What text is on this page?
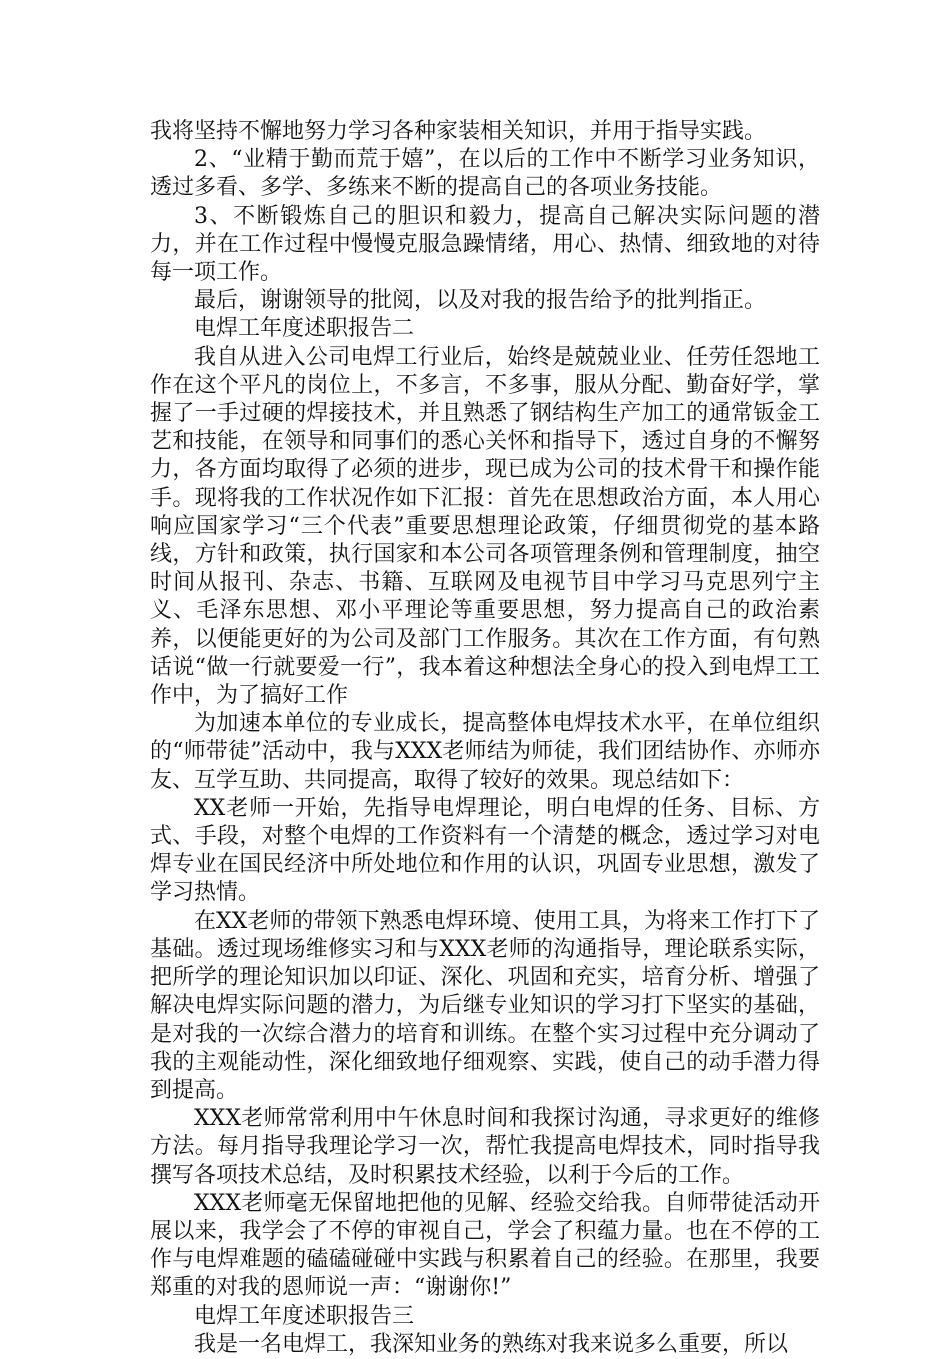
我将坚持不懈地努力学习各种家装相关知识，并用于指导实践。

2、“业精于勤而荒于嬉”，在以后的工作中不断学习业务知识，透过多看、多学、多练来不断的提高自己的各项业务技能。

3、不断锻炼自己的胆识和毅力，提高自己解决实际问题的潜力，并在工作过程中慢慢克服急躁情绪，用心、热情、细致地的对待每一项工作。

最后，谢谢领导的批阅，以及对我的报告给予的批判指正。

电焊工年度述职报告二

我自从进入公司电焊工行业后，始终是兢兢业业、任劳任怨地工作在这个平凡的岗位上，不多言，不多事，服从分配、勤奋好学，掌握了一手过硬的焊接技术，并且熟悉了钢结构生产加工的通常钣金工艺和技能，在领导和同事们的悉心关怀和指导下，透过自身的不懈努力，各方面均取得了必须的进步，现已成为公司的技术骨干和操作能手。现将我的工作状况作如下汇报：首先在思想政治方面，本人用心响应国家学习“三个代表”重要思想理论政策，仔细贯彻党的基本路线，方针和政策，执行国家和本公司各项管理条例和管理制度，抽空时间从报刊、杂志、书籍、互联网及电视节目中学习马克思列宁主义、毛泽东思想、邓小平理论等重要思想，努力提高自己的政治素养，以便能更好的为公司及部门工作服务。其次在工作方面，有句熟话说“做一行就要爱一行”，我本着这种想法全身心的投入到电焊工工作中，为了搞好工作

为加速本单位的专业成长，提高整体电焊技术水平，在单位组织的“师带徒”活动中，我与XXX老师结为师徒，我们团结协作、亦师亦友、互学互助、共同提高，取得了较好的效果。现总结如下：

XX老师一开始，先指导电焊理论，明白电焊的任务、目标、方式、手段，对整个电焊的工作资料有一个清楚的概念，透过学习对电焊专业在国民经济中所处地位和作用的认识，巩固专业思想，激发了学习热情。

在XX老师的带领下熟悉电焊环境、使用工具，为将来工作打下了基础。透过现场维修实习和与XXX老师的沟通指导，理论联系实际，把所学的理论知识加以印证、深化、巩固和充实，培育分析、增强了解决电焊实际问题的潜力，为后继专业知识的学习打下坚实的基础，是对我的一次综合潜力的培育和训练。在整个实习过程中充分调动了我的主观能动性，深化细致地仔细观察、实践，使自己的动手潜力得到提高。

XXX老师常常利用中午休息时间和我探讨沟通，寻求更好的维修方法。每月指导我理论学习一次，帮忙我提高电焊技术，同时指导我撰写各项技术总结，及时积累技术经验，以利于今后的工作。

XXX老师毫无保留地把他的见解、经验交给我。自师带徒活动开展以来，我学会了不停的审视自己，学会了积蕴力量。也在不停的工作与电焊难题的磕磕碰碰中实践与积累着自己的经验。在那里，我要郑重的对我的恩师说一声：“谢谢你!”

电焊工年度述职报告三

我是一名电焊工，我深知业务的熟练对我来说多么重要，所以
